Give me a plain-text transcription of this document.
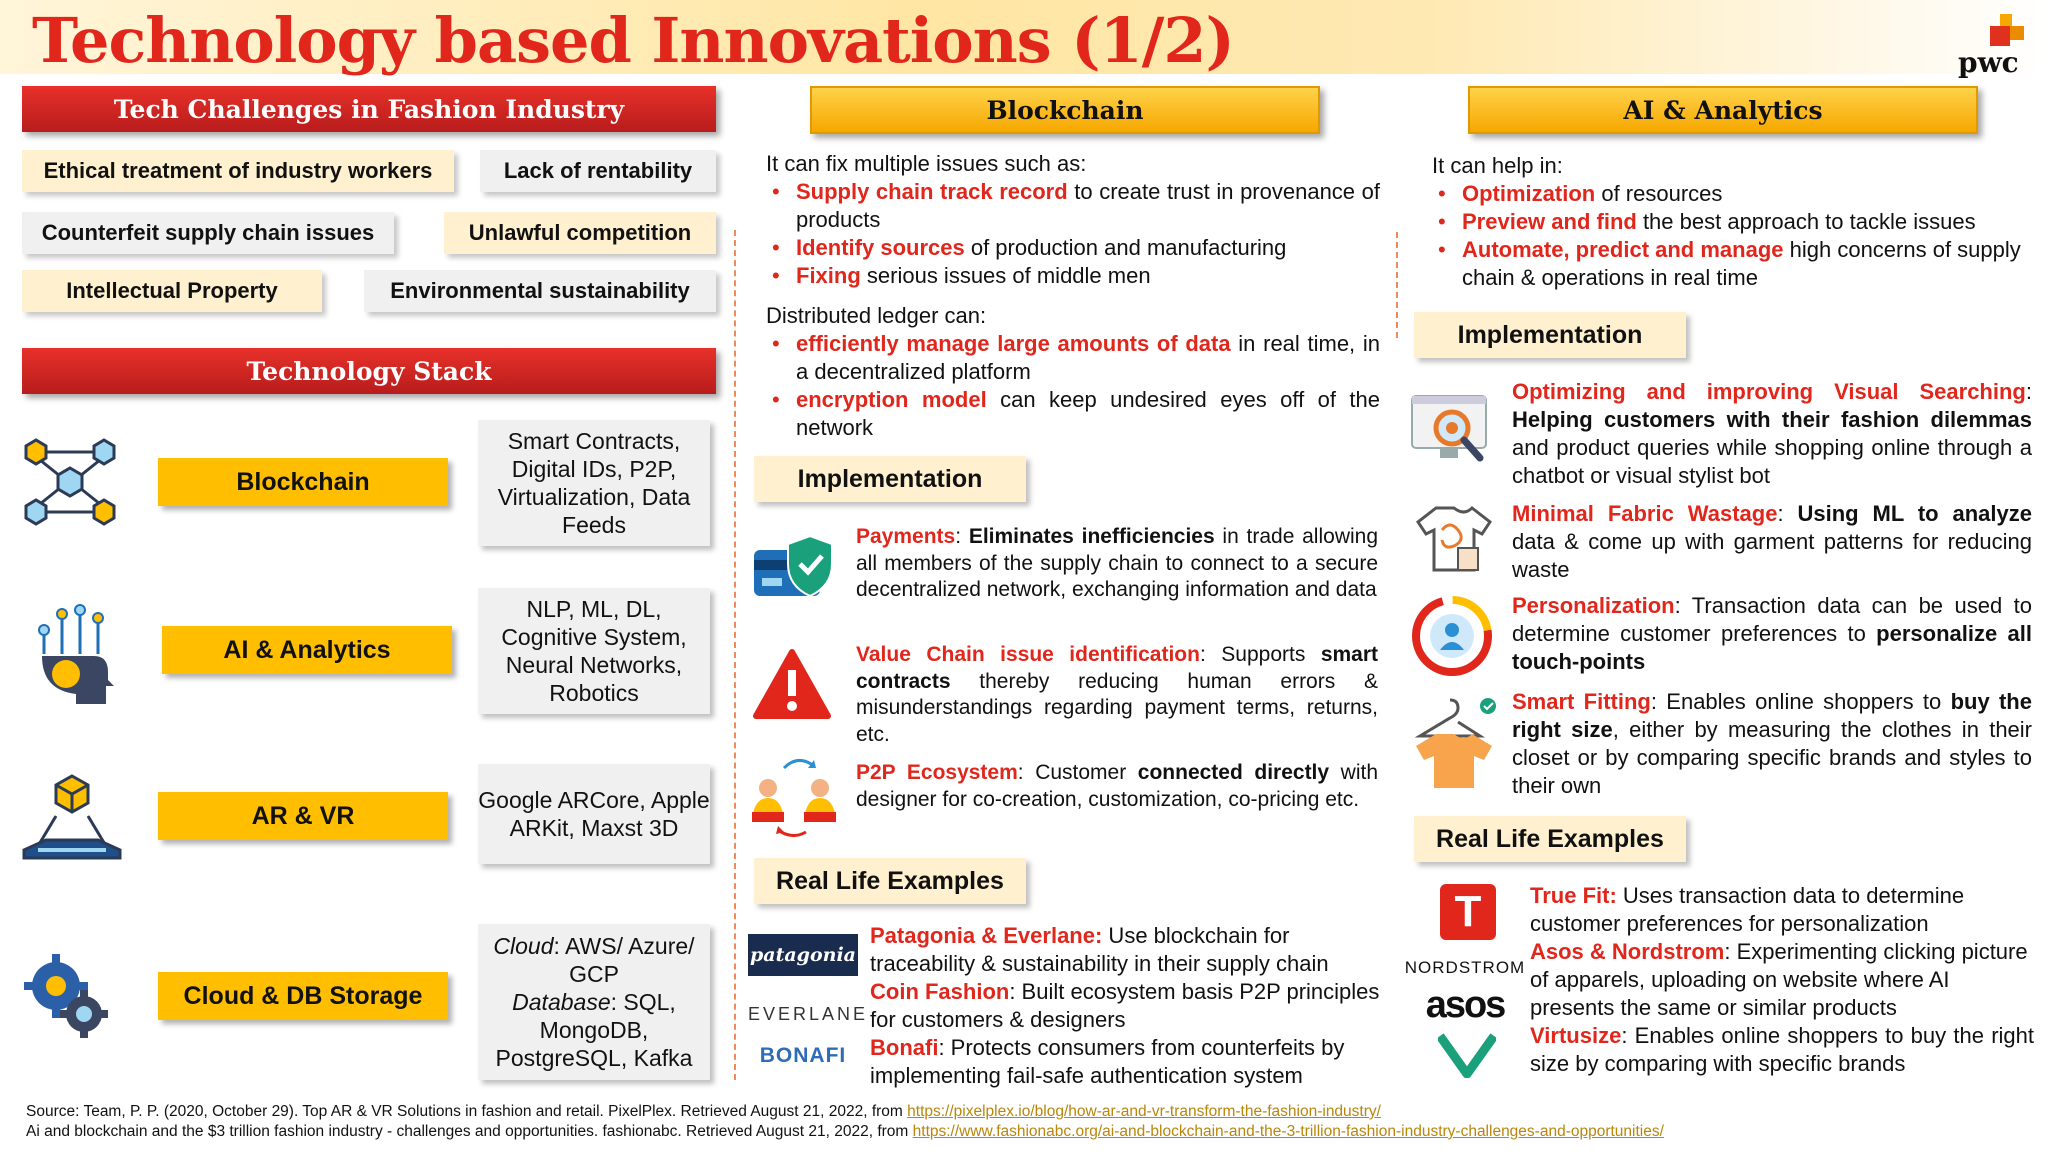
Technology based Innovations (1/2)	pwc
Tech Challenges in Fashion Industry
Ethical treatment of industry workers	Lack of rentability
Counterfeit supply chain issues	Unlawful competition
Intellectual Property	Environmental sustainability
Technology Stack
Blockchain
Smart Contracts, Digital IDs, P2P, Virtualization, Data Feeds
AI & Analytics
NLP, ML, DL, Cognitive System, Neural Networks, Robotics
AR & VR
Google ARCore, Apple ARKit, Maxst 3D
Cloud & DB Storage
Cloud: AWS/ Azure/ GCP
Database: SQL, MongoDB, PostgreSQL, Kafka
Blockchain
It can fix multiple issues such as:
• Supply chain track record to create trust in provenance of products
• Identify sources of production and manufacturing
• Fixing serious issues of middle men
Distributed ledger can:
• efficiently manage large amounts of data in real time, in a decentralized platform
• encryption model can keep undesired eyes off of the network
Implementation
Payments: Eliminates inefficiencies in trade allowing all members of the supply chain to connect to a secure decentralized network, exchanging information and data
Value Chain issue identification: Supports smart contracts thereby reducing human errors & misunderstandings regarding payment terms, returns, etc.
P2P Ecosystem: Customer connected directly with designer for co-creation, customization, co-pricing etc.
Real Life Examples
patagonia
EVERLANE
BONAFI
Patagonia & Everlane: Use blockchain for traceability & sustainability in their supply chain
Coin Fashion: Built ecosystem basis P2P principles for customers & designers
Bonafi: Protects consumers from counterfeits by implementing fail-safe authentication system
AI & Analytics
It can help in:
• Optimization of resources
• Preview and find the best approach to tackle issues
• Automate, predict and manage high concerns of supply chain & operations in real time
Implementation
Optimizing and improving Visual Searching: Helping customers with their fashion dilemmas and product queries while shopping online through a chatbot or visual stylist bot
Minimal Fabric Wastage: Using ML to analyze data & come up with garment patterns for reducing waste
Personalization: Transaction data can be used to determine customer preferences to personalize all touch-points
Smart Fitting: Enables online shoppers to buy the right size, either by measuring the clothes in their closet or by comparing specific brands and styles to their own
Real Life Examples
T
NORDSTROM
asos
True Fit: Uses transaction data to determine customer preferences for personalization
Asos & Nordstrom: Experimenting clicking picture of apparels, uploading on website where AI presents the same or similar products
Virtusize: Enables online shoppers to buy the right size by comparing with specific brands
Source: Team, P. P. (2020, October 29). Top AR & VR Solutions in fashion and retail. PixelPlex. Retrieved August 21, 2022, from https://pixelplex.io/blog/how-ar-and-vr-transform-the-fashion-industry/
Ai and blockchain and the $3 trillion fashion industry - challenges and opportunities. fashionabc. Retrieved August 21, 2022, from https://www.fashionabc.org/ai-and-blockchain-and-the-3-trillion-fashion-industry-challenges-and-opportunities/
